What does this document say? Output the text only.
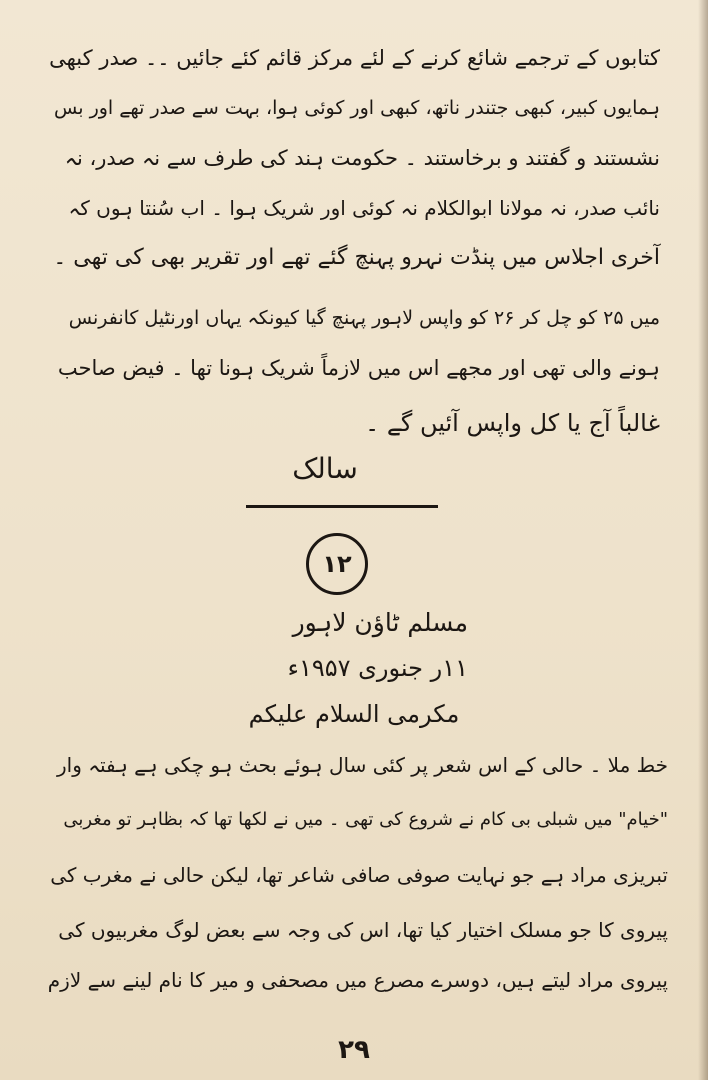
کتابوں کے ترجمے شائع کرنے کے لئے مرکز قائم کئے جائیں ۔۔ صدر کبھی
ہمایوں کبیر، کبھی جتندر ناتھ، کبھی اور کوئی ہوا، بہت سے صدر تھے اور بس
نشستند و گفتند و برخاستند ۔ حکومت ہند کی طرف سے نہ صدر، نہ
نائب صدر، نہ مولانا ابوالکلام نہ کوئی اور شریک ہوا ۔ اب سُنتا ہوں کہ
آخری اجلاس میں پنڈت نہرو پہنچ گئے تھے اور تقریر بھی کی تھی ۔
میں ۲۵ کو چل کر ۲۶ کو واپس لاہور پہنچ گیا کیونکہ یہاں اورنٹیل کانفرنس
ہونے والی تھی اور مجھے اس میں لازماً شریک ہونا تھا ۔ فیض صاحب
غالباً آج یا کل واپس آئیں گے ۔
سالک
۱۲
مسلم ٹاؤن لاہور
۱۱ر جنوری ۱۹۵۷ء
مکرمی السلام علیکم
خط ملا ۔ حالی کے اس شعر پر کئی سال ہوئے بحث ہو چکی ہے ہفتہ وار
"خیام" میں شبلی بی کام نے شروع کی تھی ۔ میں نے لکھا تھا کہ بظاہر تو مغربی
تبریزی مراد ہے جو نہایت صوفی صافی شاعر تھا، لیکن حالی نے مغرب کی
پیروی کا جو مسلک اختیار کیا تھا، اس کی وجہ سے بعض لوگ مغربیوں کی
پیروی مراد لیتے ہیں، دوسرے مصرع میں مصحفی و میر کا نام لینے سے لازم
۲۹
